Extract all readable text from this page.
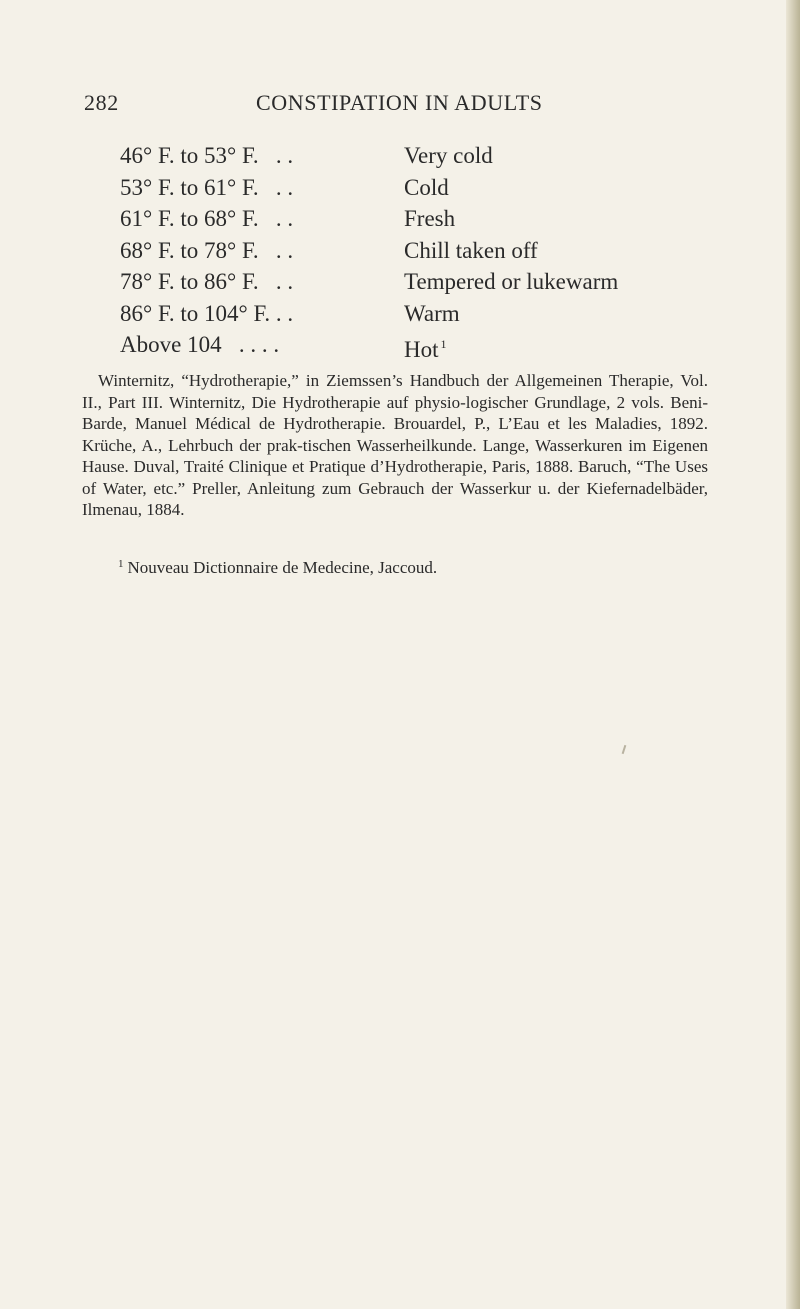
282	CONSTIPATION IN ADULTS
46° F. to 53° F.   . .	Very cold
53° F. to 61° F.   . .	Cold
61° F. to 68° F.   . .	Fresh
68° F. to 78° F.   . .	Chill taken off
78° F. to 86° F.   . .	Tempered or lukewarm
86° F. to 104° F. . .	Warm
Above 104   . . . .	Hot $^1$

Winternitz, “Hydrotherapie,” in Ziemssen’s Handbuch der Allgemeinen Therapie, Vol. II., Part III. Winternitz, Die Hydrotherapie auf physio-logischer Grundlage, 2 vols. Beni-Barde, Manuel Médical de Hydrotherapie. Brouardel, P., L’Eau et les Maladies, 1892. Krüche, A., Lehrbuch der prak-tischen Wasserheilkunde. Lange, Wasserkuren im Eigenen Hause. Duval, Traité Clinique et Pratique d’Hydrotherapie, Paris, 1888. Baruch, “The Uses of Water, etc.” Preller, Anleitung zum Gebrauch der Wasserkur u. der Kiefernadelbäder, Ilmenau, 1884.

$^1$ Nouveau Dictionnaire de Medecine, Jaccoud.
